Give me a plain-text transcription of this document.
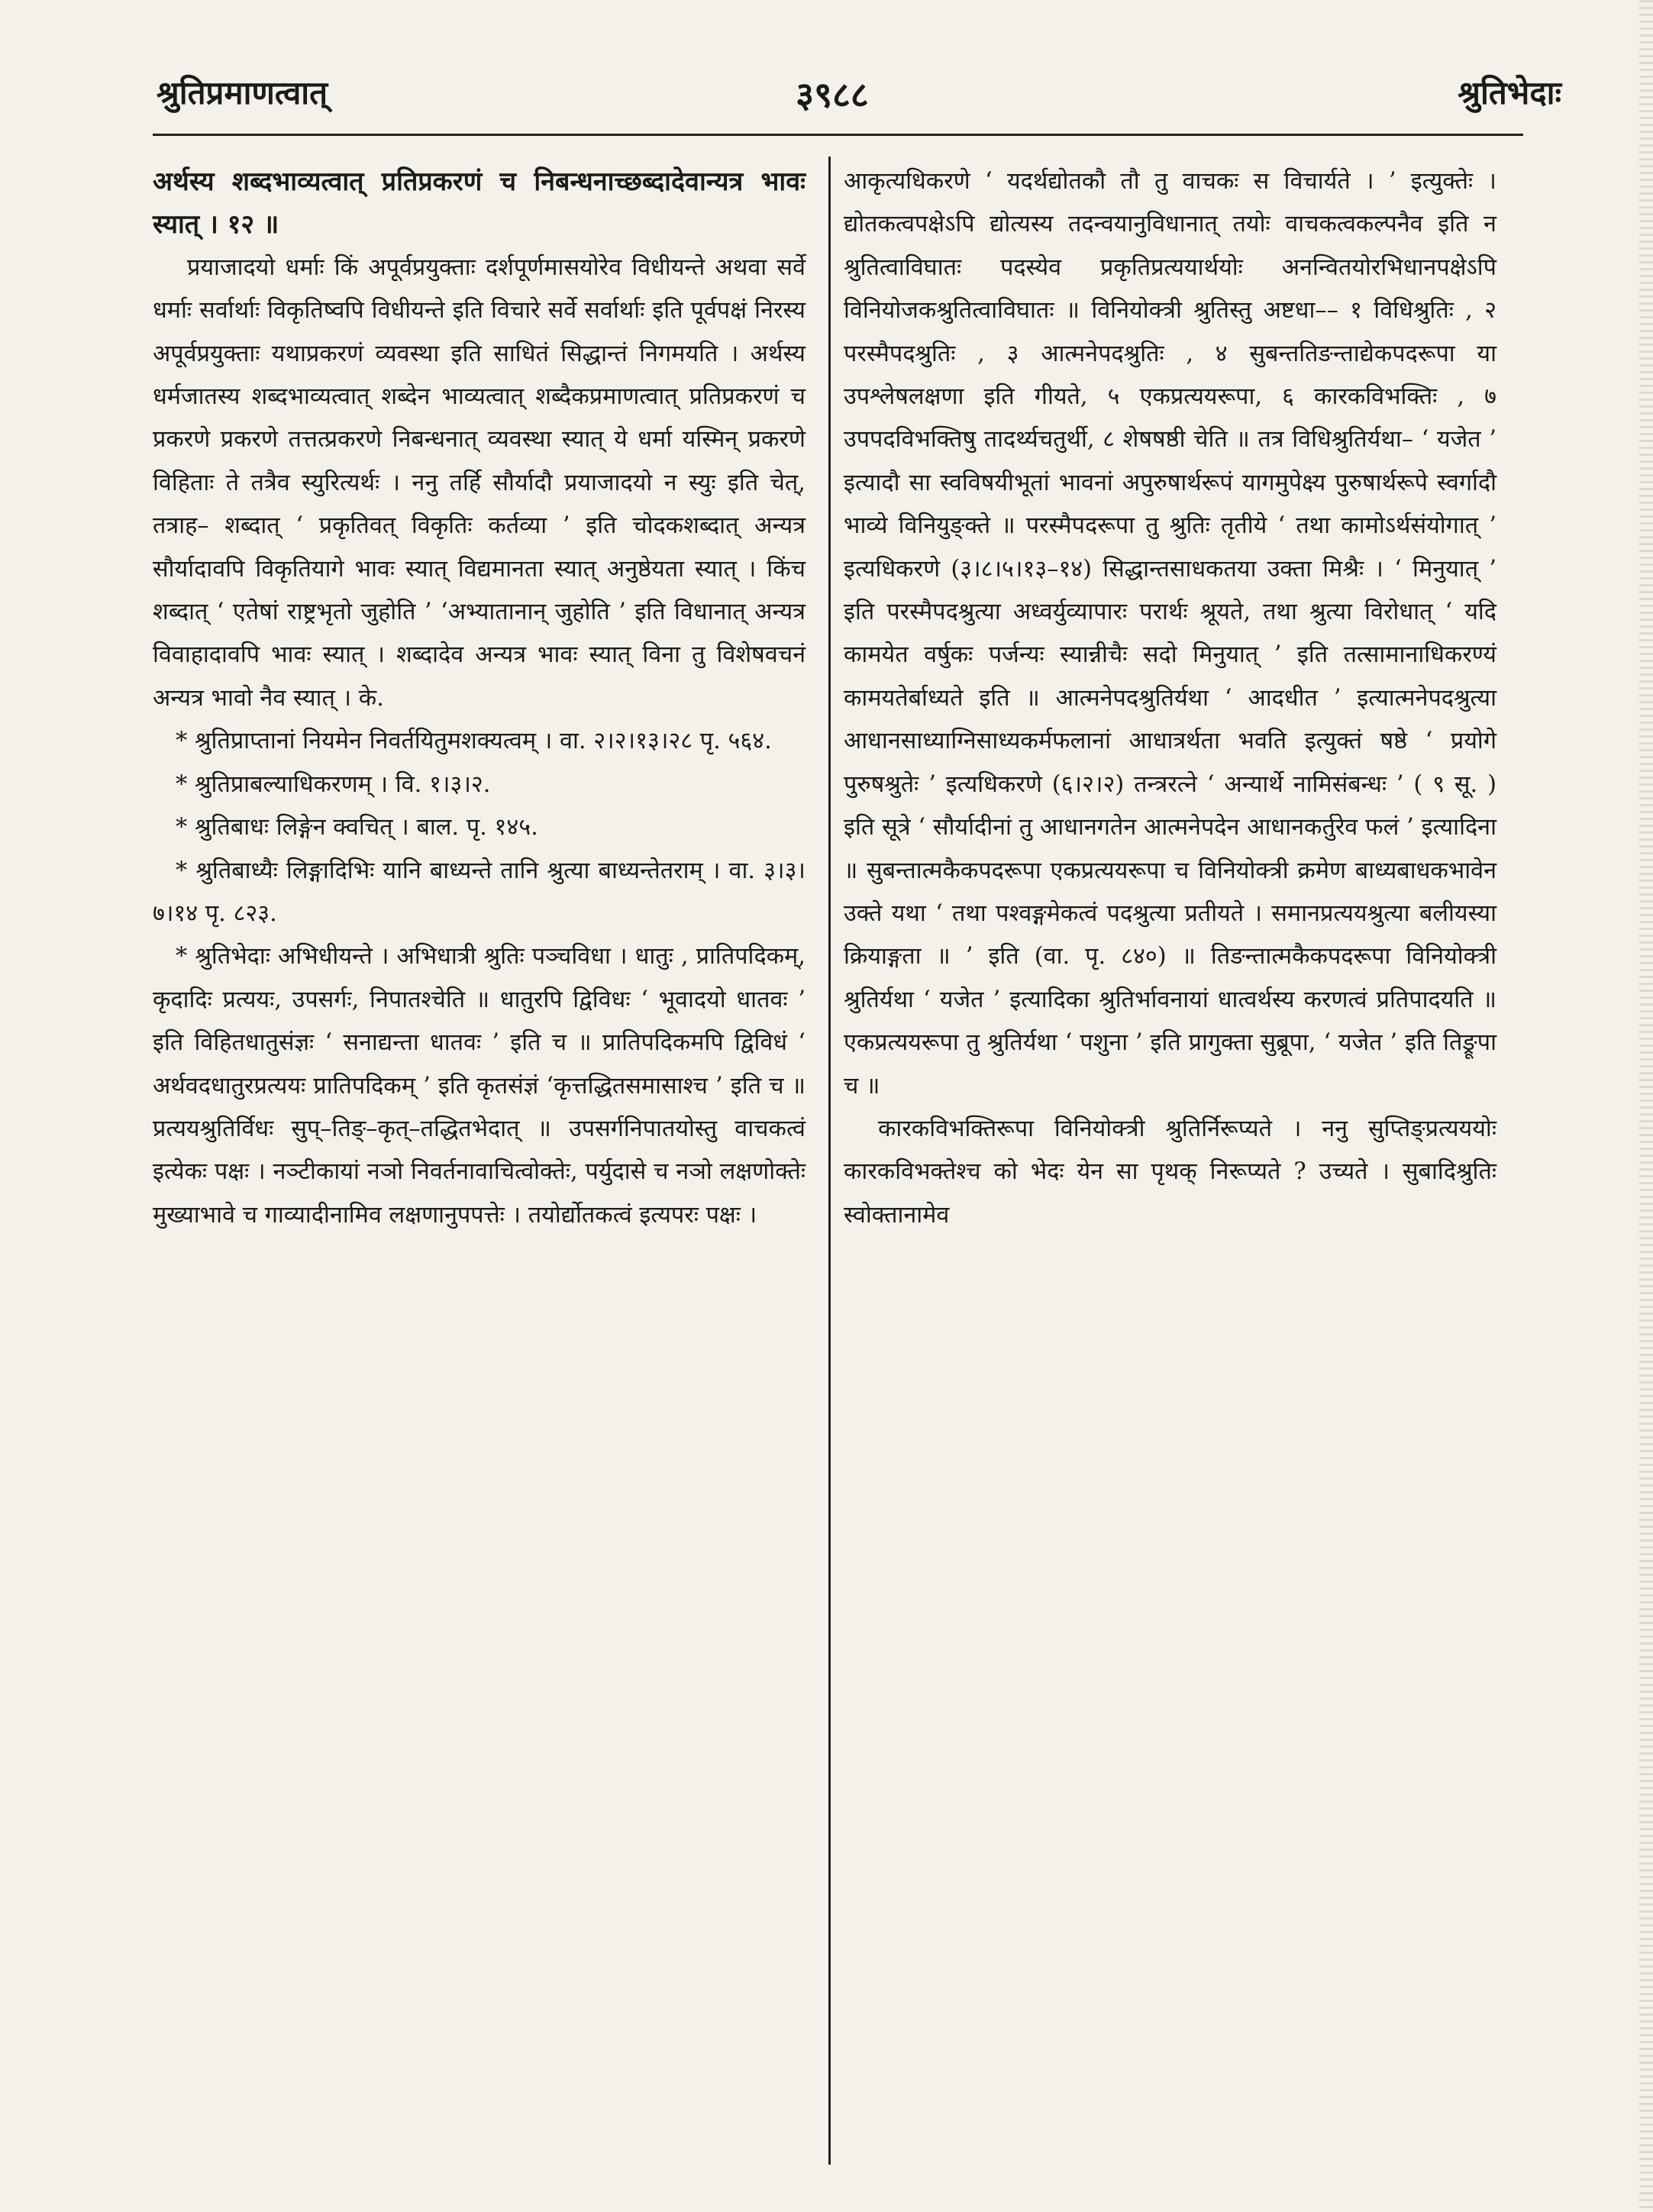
श्रुतिप्रमाणत्वात्	३९८८	श्रुतिभेदाः

अर्थस्य शब्दभाव्यत्वात् प्रतिप्रकरणं च निबन्धनाच्छब्दादेवान्यत्र भावः स्यात् । १२ ॥

प्रयाजादयो धर्माः किं अपूर्वप्रयुक्ताः दर्शपूर्णमासयोरेव विधीयन्ते अथवा सर्वे धर्माः सर्वार्थाः विकृतिष्वपि विधीयन्ते इति विचारे सर्वे सर्वार्थाः इति पूर्वपक्षं निरस्य अपूर्वप्रयुक्ताः यथाप्रकरणं व्यवस्था इति साधितं सिद्धान्तं निगमयति । अर्थस्य धर्मजातस्य शब्दभाव्यत्वात् शब्देन भाव्यत्वात् शब्दैकप्रमाणत्वात् प्रतिप्रकरणं च प्रकरणे प्रकरणे तत्तत्प्रकरणे निबन्धनात् व्यवस्था स्यात् ये धर्मा यस्मिन् प्रकरणे विहिताः ते तत्रैव स्युरित्यर्थः । ननु तर्हि सौर्यादौ प्रयाजादयो न स्युः इति चेत्, तत्राह– शब्दात् ‘ प्रकृतिवत् विकृतिः कर्तव्या ’ इति चोदकशब्दात् अन्यत्र सौर्यादावपि विकृतियागे भावः स्यात् विद्यमानता स्यात् अनुष्ठेयता स्यात् । किंच शब्दात् ‘ एतेषां राष्ट्रभृतो जुहोति ’ ‘अभ्यातानान् जुहोति ’ इति विधानात् अन्यत्र विवाहादावपि भावः स्यात् । शब्दादेव अन्यत्र भावः स्यात् विना तु विशेषवचनं अन्यत्र भावो नैव स्यात् । के.

* श्रुतिप्राप्तानां नियमेन निवर्तयितुमशक्यत्वम् । वा. २।२।१३।२८ पृ. ५६४.

* श्रुतिप्राबल्याधिकरणम् । वि. १।३।२.

* श्रुतिबाधः लिङ्गेन क्वचित् । बाल. पृ. १४५.

* श्रुतिबाध्यैः लिङ्गादिभिः यानि बाध्यन्ते तानि श्रुत्या बाध्यन्तेतराम् । वा. ३।३।७।१४ पृ. ८२३.

* श्रुतिभेदाः अभिधीयन्ते । अभिधात्री श्रुतिः पञ्चविधा । धातुः , प्रातिपदिकम्, कृदादिः प्रत्ययः, उपसर्गः, निपातश्चेति ॥ धातुरपि द्विविधः ‘ भूवादयो धातवः ’ इति विहितधातुसंज्ञः ‘ सनाद्यन्ता धातवः ’ इति च ॥ प्रातिपदिकमपि द्विविधं ‘ अर्थवदधातुरप्रत्ययः प्रातिपदिकम् ’ इति कृतसंज्ञं ‘कृत्तद्धितसमासाश्च ’ इति च ॥ प्रत्ययश्रुतिर्विधः सुप्–तिङ्–कृत्–तद्धितभेदात् ॥ उपसर्गनिपातयोस्तु वाचकत्वं इत्येकः पक्षः । नञ्टीकायां नञो निवर्तनावाचित्वोक्तेः, पर्युदासे च नञो लक्षणोक्तेः मुख्याभावे च गाव्यादीनामिव लक्षणानुपपत्तेः । तयोर्द्योतकत्वं इत्यपरः पक्षः ।

आकृत्यधिकरणे ‘ यदर्थद्योतकौ तौ तु वाचकः स विचार्यते । ’ इत्युक्तेः । द्योतकत्वपक्षेऽपि द्योत्यस्य तदन्वयानुविधानात् तयोः वाचकत्वकल्पनैव इति न श्रुतित्वाविघातः पदस्येव प्रकृतिप्रत्ययार्थयोः अनन्वितयोरभिधानपक्षेऽपि विनियोजकश्रुतित्वाविघातः ॥ विनियोक्त्री श्रुतिस्तु अष्टधा–– १ विधिश्रुतिः , २ परस्मैपदश्रुतिः , ३ आत्मनेपदश्रुतिः , ४ सुबन्ततिङन्ताद्येकपदरूपा या उपश्लेषलक्षणा इति गीयते, ५ एकप्रत्ययरूपा, ६ कारकविभक्तिः , ७ उपपदविभक्तिषु तादर्थ्यचतुर्थी, ८ शेषषष्ठी चेति ॥ तत्र विधिश्रुतिर्यथा– ‘ यजेत ’ इत्यादौ सा स्वविषयीभूतां भावनां अपुरुषार्थरूपं यागमुपेक्ष्य पुरुषार्थरूपे स्वर्गादौ भाव्ये विनियुङ्क्ते ॥ परस्मैपदरूपा तु श्रुतिः तृतीये ‘ तथा कामोऽर्थसंयोगात् ’ इत्यधिकरणे (३।८।५।१३–१४) सिद्धान्तसाधकतया उक्ता मिश्रैः । ‘ मिनुयात् ’ इति परस्मैपदश्रुत्या अध्वर्युव्यापारः परार्थः श्रूयते, तथा श्रुत्या विरोधात् ‘ यदि कामयेत वर्षुकः पर्जन्यः स्यान्नीचैः सदो मिनुयात् ’ इति तत्सामानाधिकरण्यं कामयतेर्बाध्यते इति ॥ आत्मनेपदश्रुतिर्यथा ‘ आदधीत ’ इत्यात्मनेपदश्रुत्या आधानसाध्याग्निसाध्यकर्मफलानां आधात्रर्थता भवति इत्युक्तं षष्ठे ‘ प्रयोगे पुरुषश्रुतेः ’ इत्यधिकरणे (६।२।२) तन्त्ररत्ने ‘ अन्यार्थे नामिसंबन्धः ’ ( ९ सू. ) इति सूत्रे ‘ सौर्यादीनां तु आधानगतेन आत्मनेपदेन आधानकर्तुरेव फलं ’ इत्यादिना ॥ सुबन्तात्मकैकपदरूपा एकप्रत्ययरूपा च विनियोक्त्री क्रमेण बाध्यबाधकभावेन उक्ते यथा ‘ तथा पश्वङ्गमेकत्वं पदश्रुत्या प्रतीयते । समानप्रत्ययश्रुत्या बलीयस्या क्रियाङ्गता ॥ ’ इति (वा. पृ. ८४०) ॥ तिङन्तात्मकैकपदरूपा विनियोक्त्री श्रुतिर्यथा ‘ यजेत ’ इत्यादिका श्रुतिर्भावनायां धात्वर्थस्य करणत्वं प्रतिपादयति ॥ एकप्रत्ययरूपा तु श्रुतिर्यथा ‘ पशुना ’ इति प्रागुक्ता सुब्रूपा, ‘ यजेत ’ इति तिङ्रूपा च ॥

कारकविभक्तिरूपा विनियोक्त्री श्रुतिर्निरूप्यते । ननु सुप्तिङ्प्रत्यययोः कारकविभक्तेश्च को भेदः येन सा पृथक् निरूप्यते ? उच्यते । सुबादिश्रुतिः स्वोक्तानामेव
